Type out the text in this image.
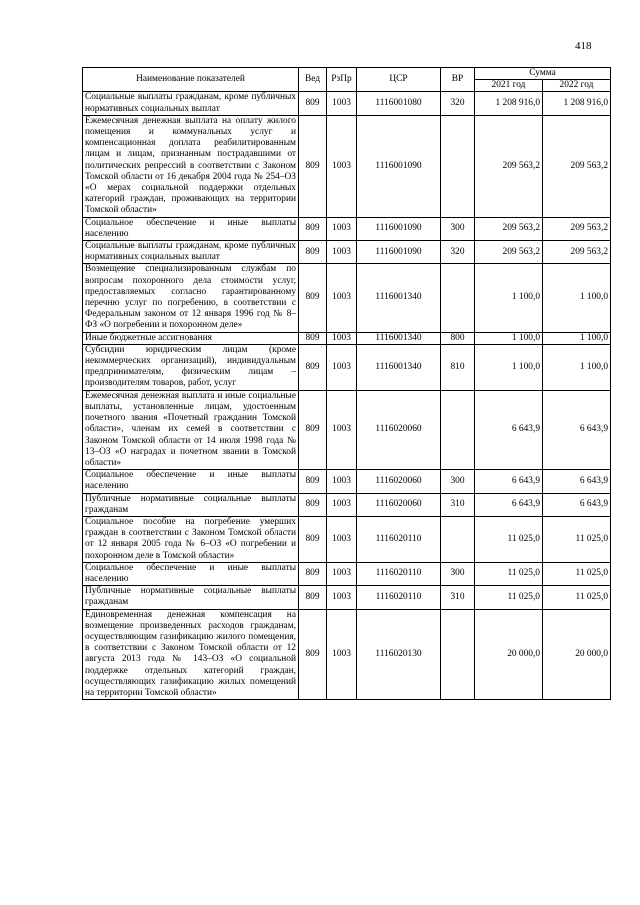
418
Наименование показателей	Вед	РзПр	ЦСР	ВР	Сумма	
					2021 год	2022 год
Социальные выплаты гражданам, кроме публичных нормативных социальных выплат	809	1003	1116001080	320	1 208 916,0	1 208 916,0
Ежемесячная денежная выплата на оплату жилого помещения и коммунальных услуг и компенсационная доплата реабилитированным лицам и лицам, признанным пострадавшими от политических репрессий в соответствии с Законом Томской области от 16 декабря 2004 года № 254–ОЗ «О мерах социальной поддержки отдельных категорий граждан, проживающих на территории Томской области»	809	1003	1116001090		209 563,2	209 563,2
Социальное обеспечение и иные выплаты населению	809	1003	1116001090	300	209 563,2	209 563,2
Социальные выплаты гражданам, кроме публичных нормативных социальных выплат	809	1003	1116001090	320	209 563,2	209 563,2
Возмещение специализированным службам по вопросам похоронного дела стоимости услуг, предоставляемых согласно гарантированному перечню услуг по погребению, в соответствии с Федеральным законом от 12 января 1996 год № 8–ФЗ «О погребении и похоронном деле»	809	1003	1116001340		1 100,0	1 100,0
Иные бюджетные ассигнования	809	1003	1116001340	800	1 100,0	1 100,0
Субсидии юридическим лицам (кроме некоммерческих организаций), индивидуальным предпринимателям, физическим лицам – производителям товаров, работ, услуг	809	1003	1116001340	810	1 100,0	1 100,0
Ежемесячная денежная выплата и иные социальные выплаты, установленные лицам, удостоенным почетного звания «Почетный гражданин Томской области», членам их семей в соответствии с Законом Томской области от 14 июля 1998 года № 13–ОЗ «О наградах и почетном звании в Томской области»	809	1003	1116020060		6 643,9	6 643,9
Социальное обеспечение и иные выплаты населению	809	1003	1116020060	300	6 643,9	6 643,9
Публичные нормативные социальные выплаты гражданам	809	1003	1116020060	310	6 643,9	6 643,9
Социальное пособие на погребение умерших граждан в соответствии с Законом Томской области от 12 января 2005 года № 6–ОЗ «О погребении и похоронном деле в Томской области»	809	1003	1116020110		11 025,0	11 025,0
Социальное обеспечение и иные выплаты населению	809	1003	1116020110	300	11 025,0	11 025,0
Публичные нормативные социальные выплаты гражданам	809	1003	1116020110	310	11 025,0	11 025,0
Единовременная денежная компенсация на возмещение произведенных расходов гражданам, осуществляющим газификацию жилого помещения, в соответствии с Законом Томской области от 12 августа 2013 года № 143–ОЗ «О социальной поддержке отдельных категорий граждан, осуществляющих газификацию жилых помещений на территории Томской области»	809	1003	1116020130		20 000,0	20 000,0
